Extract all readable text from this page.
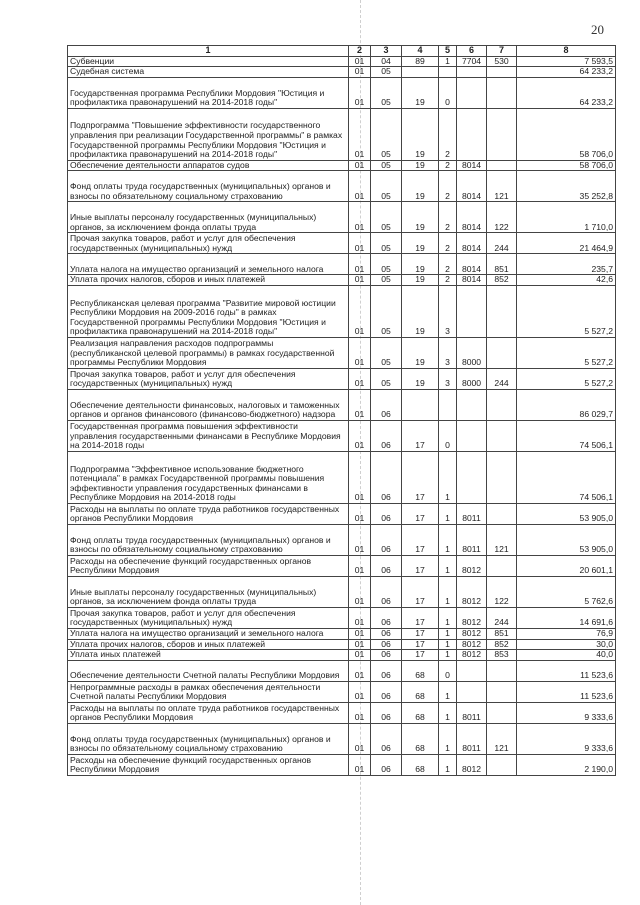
20
1	2	3	4	5	6	7	8
Субвенции	01	04	89	1	7704	530	7 593,5
Судебная система	01	05					64 233,2
Государственная программа Республики Мордовия "Юстиция и профилактика правонарушений на 2014-2018 годы"	01	05	19	0			64 233,2
Подпрограмма "Повышение эффективности государственного управления при реализации Государственной программы" в рамках Государственной программы Республики Мордовия "Юстиция и профилактика правонарушений на 2014-2018 годы"	01	05	19	2			58 706,0
Обеспечение деятельности аппаратов судов	01	05	19	2	8014		58 706,0
Фонд оплаты труда государственных (муниципальных) органов и взносы по обязательному социальному страхованию	01	05	19	2	8014	121	35 252,8
Иные выплаты персоналу государственных (муниципальных) органов, за исключением фонда оплаты труда	01	05	19	2	8014	122	1 710,0
Прочая закупка товаров, работ и услуг для обеспечения государственных (муниципальных) нужд	01	05	19	2	8014	244	21 464,9
Уплата налога на имущество организаций и земельного налога	01	05	19	2	8014	851	235,7
Уплата прочих налогов, сборов и иных платежей	01	05	19	2	8014	852	42,6
Республиканская целевая программа "Развитие мировой юстиции Республики Мордовия на 2009-2016 годы" в рамках Государственной программы Республики Мордовия "Юстиция и профилактика правонарушений на 2014-2018 годы"	01	05	19	3			5 527,2
Реализация направления расходов подпрограммы (республиканской целевой программы) в рамках государственной программы Республики Мордовия	01	05	19	3	8000		5 527,2
Прочая закупка товаров, работ и услуг для обеспечения государственных (муниципальных) нужд	01	05	19	3	8000	244	5 527,2
Обеспечение деятельности финансовых, налоговых и таможенных органов и органов финансового (финансово-бюджетного) надзора	01	06					86 029,7
Государственная программа повышения эффективности управления государственными финансами в Республике Мордовия на 2014-2018 годы	01	06	17	0			74 506,1
Подпрограмма "Эффективное использование бюджетного потенциала" в рамках Государственной программы повышения эффективности управления государственных финансами в Республике Мордовия на 2014-2018 годы	01	06	17	1			74 506,1
Расходы на выплаты по оплате труда работников государственных органов Республики Мордовия	01	06	17	1	8011		53 905,0
Фонд оплаты труда государственных (муниципальных) органов и взносы по обязательному социальному страхованию	01	06	17	1	8011	121	53 905,0
Расходы на обеспечение функций государственных органов Республики Мордовия	01	06	17	1	8012		20 601,1
Иные выплаты персоналу государственных (муниципальных) органов, за исключением фонда оплаты труда	01	06	17	1	8012	122	5 762,6
Прочая закупка товаров, работ и услуг для обеспечения государственных (муниципальных) нужд	01	06	17	1	8012	244	14 691,6
Уплата налога на имущество организаций и земельного налога	01	06	17	1	8012	851	76,9
Уплата прочих налогов, сборов и иных платежей	01	06	17	1	8012	852	30,0
Уплата иных платежей	01	06	17	1	8012	853	40,0
Обеспечение деятельности Счетной палаты Республики Мордовия	01	06	68	0			11 523,6
Непрограммные расходы в рамках обеспечения деятельности Счетной палаты Республики Мордовия	01	06	68	1			11 523,6
Расходы на выплаты по оплате труда работников государственных органов Республики Мордовия	01	06	68	1	8011		9 333,6
Фонд оплаты труда государственных (муниципальных) органов и взносы по обязательному социальному страхованию	01	06	68	1	8011	121	9 333,6
Расходы на обеспечение функций государственных органов Республики Мордовия	01	06	68	1	8012		2 190,0
